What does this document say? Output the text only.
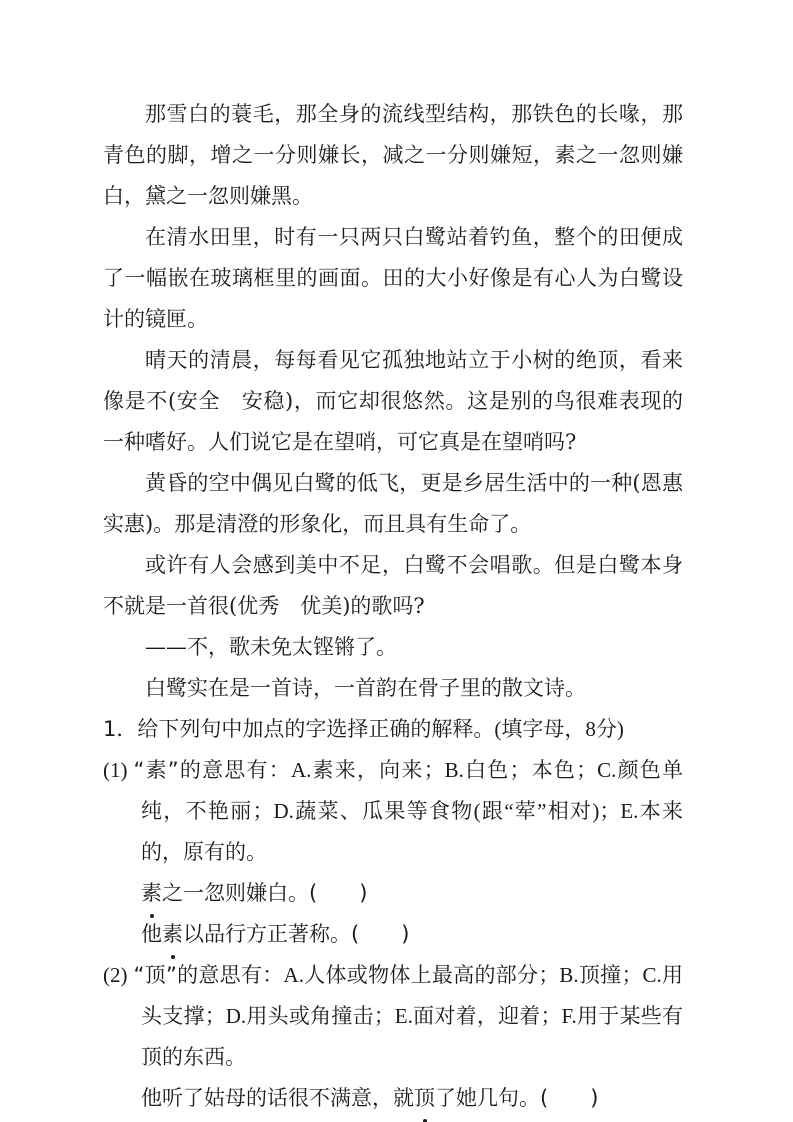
那雪白的蓑毛，那全身的流线型结构，那铁色的长喙，那青色的脚，增之一分则嫌长，减之一分则嫌短，素之一忽则嫌白，黛之一忽则嫌黑。

在清水田里，时有一只两只白鹭站着钓鱼，整个的田便成了一幅嵌在玻璃框里的画面。田的大小好像是有心人为白鹭设计的镜匣。

晴天的清晨，每每看见它孤独地站立于小树的绝顶，看来像是不(安全　安稳)，而它却很悠然。这是别的鸟很难表现的一种嗜好。人们说它是在望哨，可它真是在望哨吗?

黄昏的空中偶见白鹭的低飞，更是乡居生活中的一种(恩惠　实惠)。那是清澄的形象化，而且具有生命了。

或许有人会感到美中不足，白鹭不会唱歌。但是白鹭本身不就是一首很(优秀　优美)的歌吗?

——不，歌未免太铿锵了。

白鹭实在是一首诗，一首韵在骨子里的散文诗。

1．给下列句中加点的字选择正确的解释。(填字母，8分)

(1) “素”的意思有：A.素来，向来；B.白色；本色；C.颜色单纯，不艳丽；D.蔬菜、瓜果等食物(跟“荤”相对)；E.本来的，原有的。

素之一忽则嫌白。(　　)

他素以品行方正著称。(　　)

(2) “顶”的意思有：A.人体或物体上最高的部分；B.顶撞；C.用头支撑；D.用头或角撞击；E.面对着，迎着；F.用于某些有顶的东西。

他听了姑母的话很不满意，就顶了她几句。(　　)
